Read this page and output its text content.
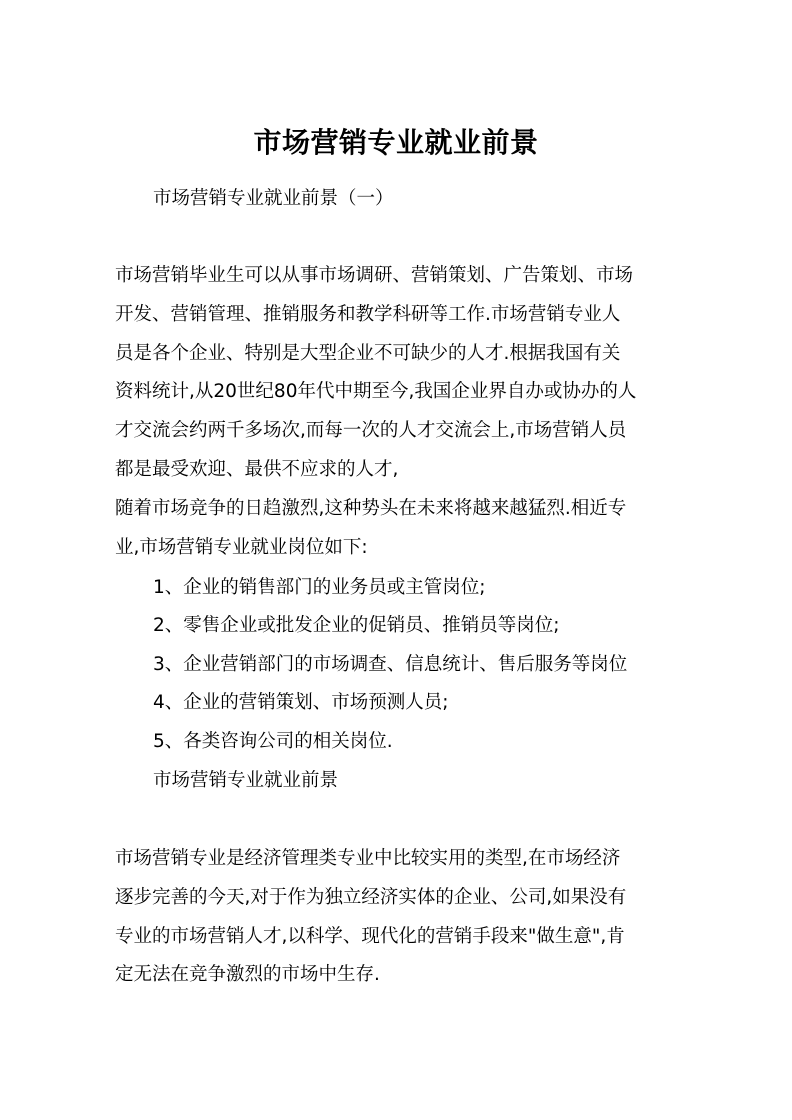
市场营销专业就业前景
市场营销专业就业前景（一）
市场营销毕业生可以从事市场调研、营销策划、广告策划、市场
开发、营销管理、推销服务和教学科研等工作.市场营销专业人
员是各个企业、特别是大型企业不可缺少的人才.根据我国有关
资料统计,从20世纪80年代中期至今,我国企业界自办或协办的人
才交流会约两千多场次,而每一次的人才交流会上,市场营销人员
都是最受欢迎、最供不应求的人才,
随着市场竞争的日趋激烈,这种势头在未来将越来越猛烈.相近专
业,市场营销专业就业岗位如下:
1、企业的销售部门的业务员或主管岗位;
2、零售企业或批发企业的促销员、推销员等岗位;
3、企业营销部门的市场调查、信息统计、售后服务等岗位
4、企业的营销策划、市场预测人员;
5、各类咨询公司的相关岗位.
市场营销专业就业前景
市场营销专业是经济管理类专业中比较实用的类型,在市场经济
逐步完善的今天,对于作为独立经济实体的企业、公司,如果没有
专业的市场营销人才,以科学、现代化的营销手段来"做生意",肯
定无法在竞争激烈的市场中生存.
